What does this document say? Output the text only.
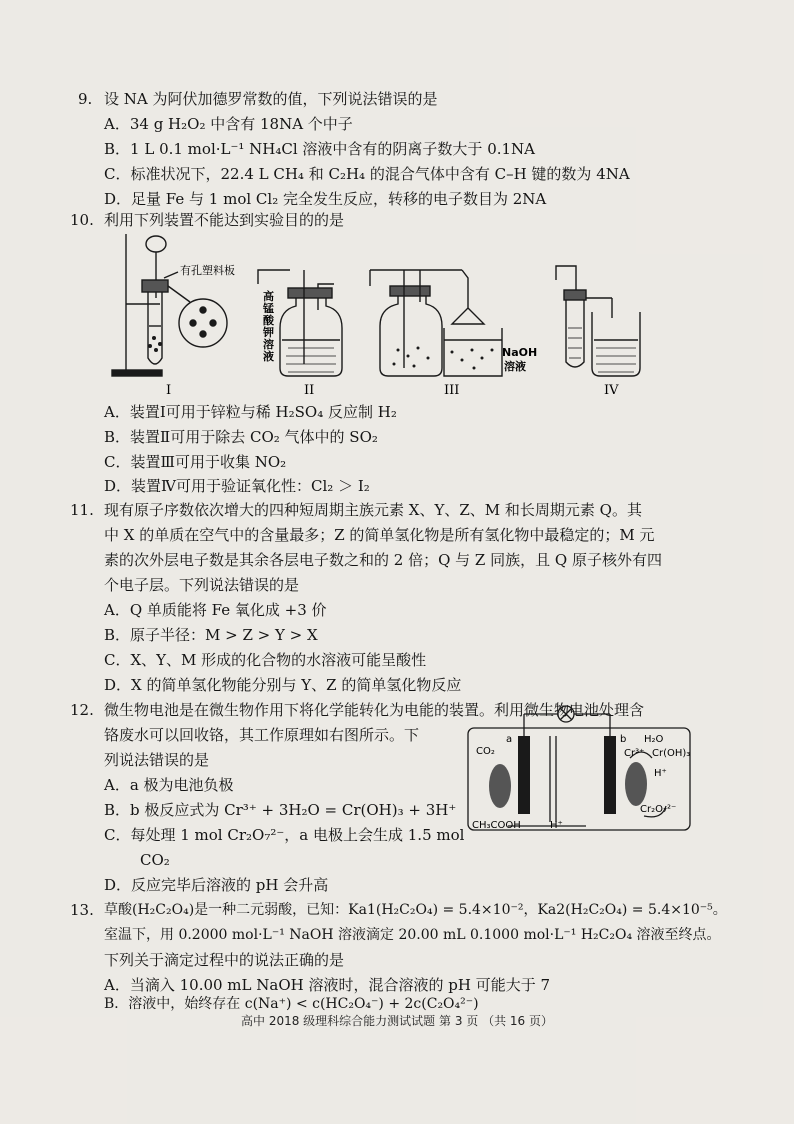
9. 设 NA 为阿伏加德罗常数的值，下列说法错误的是
A．34 g H₂O₂ 中含有 18NA 个中子
B．1 L 0.1 mol·L⁻¹ NH₄Cl 溶液中含有的阴离子数大于 0.1NA
C．标准状况下，22.4 L CH₄ 和 C₂H₄ 的混合气体中含有 C–H 键的数为 4NA
D．足量 Fe 与 1 mol Cl₂ 完全发生反应，转移的电子数目为 2NA
10. 利用下列装置不能达到实验目的的是
有孔塑料板
高
锰
酸
钾
溶
液	NaOH
溶液
I	II	III	IV
A．装置Ⅰ可用于锌粒与稀 H₂SO₄ 反应制 H₂
B．装置Ⅱ可用于除去 CO₂ 气体中的 SO₂
C．装置Ⅲ可用于收集 NO₂
D．装置Ⅳ可用于验证氧化性：Cl₂ ＞ I₂
11. 现有原子序数依次增大的四种短周期主族元素 X、Y、Z、M 和长周期元素 Q。其
中 X 的单质在空气中的含量最多；Z 的简单氢化物是所有氢化物中最稳定的；M 元
素的次外层电子数是其余各层电子数之和的 2 倍；Q 与 Z 同族，且 Q 原子核外有四
个电子层。下列说法错误的是
A．Q 单质能将 Fe 氧化成 +3 价
B．原子半径：M > Z > Y > X
C．X、Y、M 形成的化合物的水溶液可能呈酸性
D．X 的简单氢化物能分别与 Y、Z 的简单氢化物反应
12. 微生物电池是在微生物作用下将化学能转化为电能的装置。利用微生物电池处理含
铬废水可以回收铬，其工作原理如右图所示。下
列说法错误的是
a	b
CO₂
H₂O
Cr³⁺ Cr(OH)₃
H⁺
Cr₂O₇²⁻
CH₃COOH	H⁺
A．a 极为电池负极
B．b 极反应式为 Cr³⁺ + 3H₂O = Cr(OH)₃ + 3H⁺
C．每处理 1 mol Cr₂O₇²⁻，a 电极上会生成 1.5 mol
CO₂
D．反应完毕后溶液的 pH 会升高
13. 草酸(H₂C₂O₄)是一种二元弱酸，已知：Ka1(H₂C₂O₄) = 5.4×10⁻²，Ka2(H₂C₂O₄) = 5.4×10⁻⁵。
室温下，用 0.2000 mol·L⁻¹ NaOH 溶液滴定 20.00 mL 0.1000 mol·L⁻¹ H₂C₂O₄ 溶液至终点。
下列关于滴定过程中的说法正确的是
A．当滴入 10.00 mL NaOH 溶液时，混合溶液的 pH 可能大于 7
B．溶液中，始终存在 c(Na⁺) < c(HC₂O₄⁻) + 2c(C₂O₄²⁻)
高中 2018 级理科综合能力测试试题 第 3 页 （共 16 页）
